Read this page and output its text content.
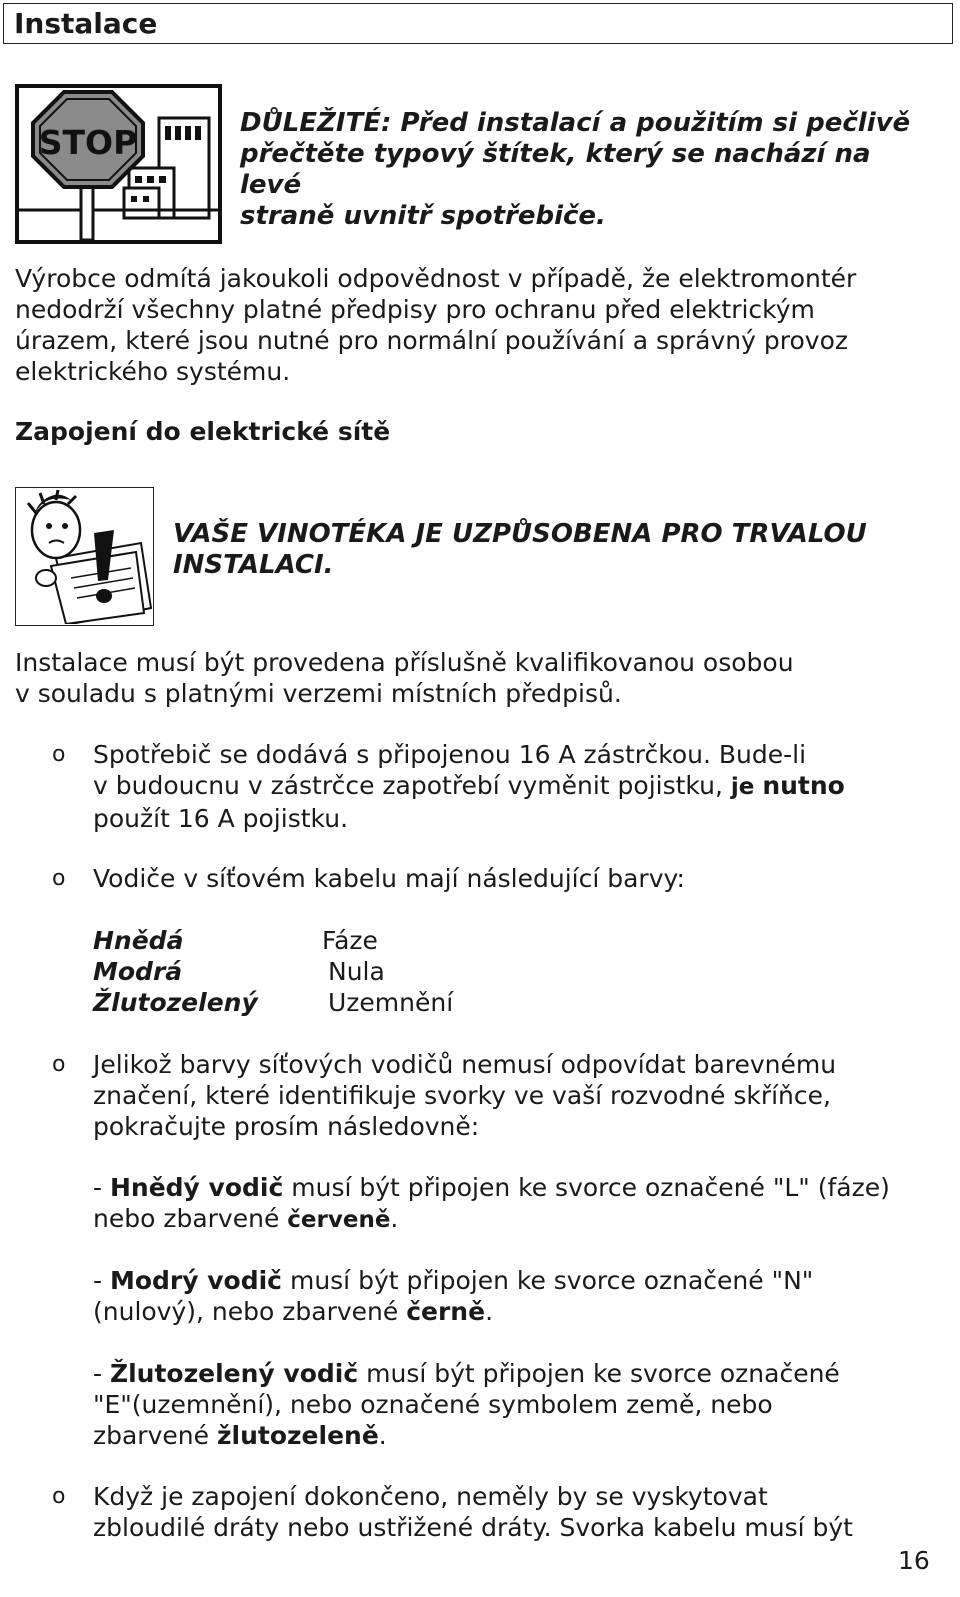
Instalace
STOP	DŮLEŽITÉ: Před instalací a použitím si pečlivě
přečtěte typový štítek, který se nachází na levé
straně uvnitř spotřebiče.
Výrobce odmítá jakoukoli odpovědnost v případě, že elektromontér
nedodrží všechny platné předpisy pro ochranu před elektrickým
úrazem, které jsou nutné pro normální používání a správný provoz
elektrického systému.
Zapojení do elektrické sítě
VAŠE VINOTÉKA JE UZPŮSOBENA PRO TRVALOU
INSTALACI.
Instalace musí být provedena příslušně kvalifikovanou osobou
v souladu s platnými verzemi místních předpisů.
o Spotřebič se dodává s připojenou 16 A zástrčkou. Bude-li
v budoucnu v zástrčce zapotřebí vyměnit pojistku, je nutno
použít 16 A pojistku.
o Vodiče v síťovém kabelu mají následující barvy:
Hnědá	Fáze
Modrá	Nula
Žlutozelený	Uzemnění
o Jelikož barvy síťových vodičů nemusí odpovídat barevnému
značení, které identifikuje svorky ve vaší rozvodné skříňce,
pokračujte prosím následovně:
- Hnědý vodič musí být připojen ke svorce označené "L" (fáze)
nebo zbarvené červeně.
- Modrý vodič musí být připojen ke svorce označené "N"
(nulový), nebo zbarvené černě.
- Žlutozelený vodič musí být připojen ke svorce označené
"E"(uzemnění), nebo označené symbolem země, nebo
zbarvené žlutozeleně.
o Když je zapojení dokončeno, neměly by se vyskytovat
zbloudilé dráty nebo ustřižené dráty. Svorka kabelu musí být
16
